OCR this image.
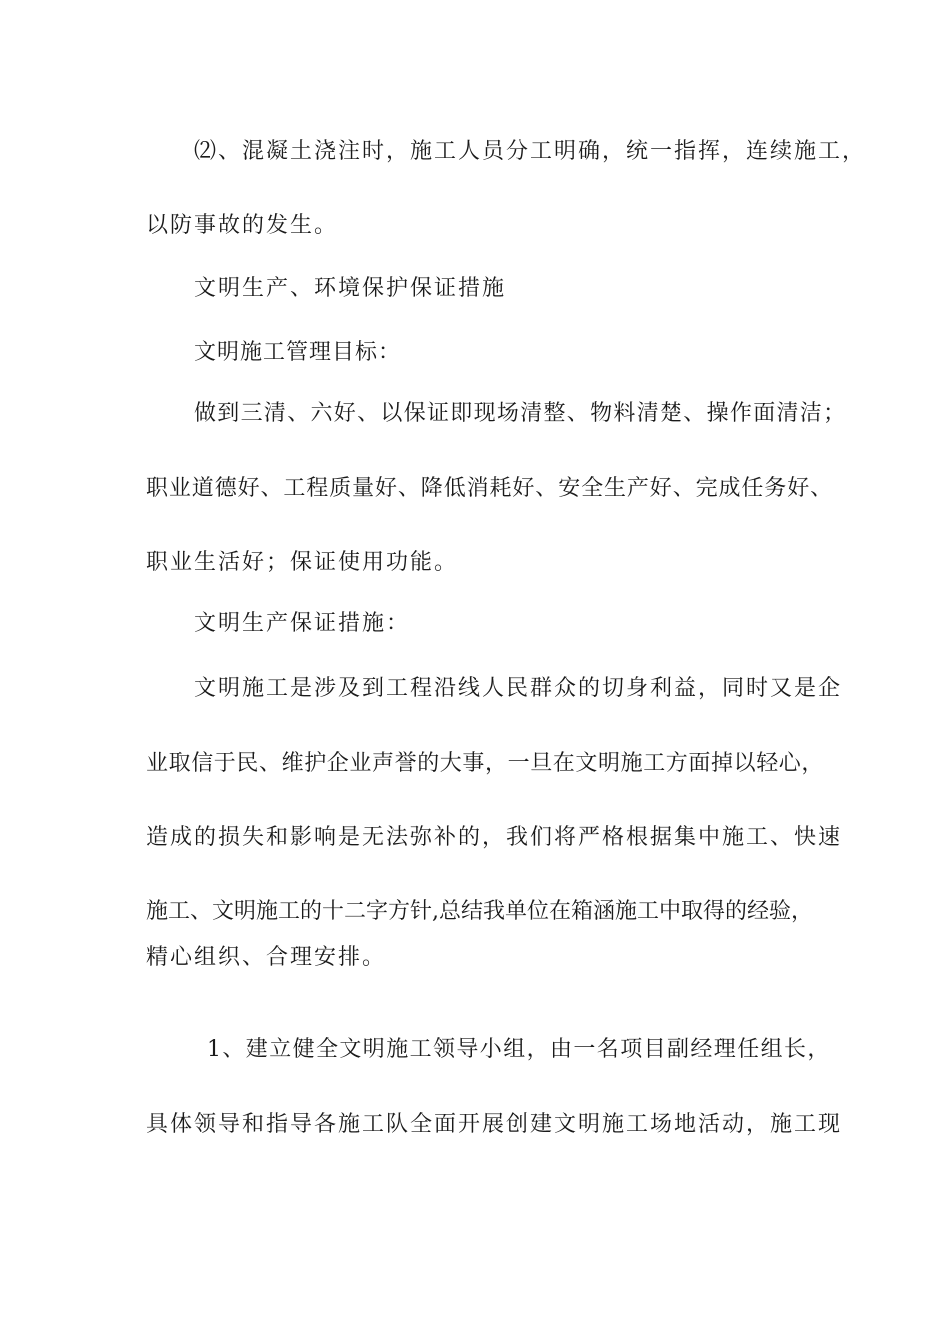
⑵、混凝土浇注时，施工人员分工明确，统一指挥，连续施工，
以防事故的发生。
文明生产、环境保护保证措施
文明施工管理目标：
做到三清、六好、以保证即现场清整、物料清楚、操作面清洁；
职业道德好、工程质量好、降低消耗好、安全生产好、完成任务好、
职业生活好；保证使用功能。
文明生产保证措施：
文明施工是涉及到工程沿线人民群众的切身利益，同时又是企
业取信于民、维护企业声誉的大事，一旦在文明施工方面掉以轻心，
造成的损失和影响是无法弥补的，我们将严格根据集中施工、快速
施工、文明施工的十二字方针,总结我单位在箱涵施工中取得的经验，
精心组织、合理安排。
1、建立健全文明施工领导小组，由一名项目副经理任组长，
具体领导和指导各施工队全面开展创建文明施工场地活动，施工现
